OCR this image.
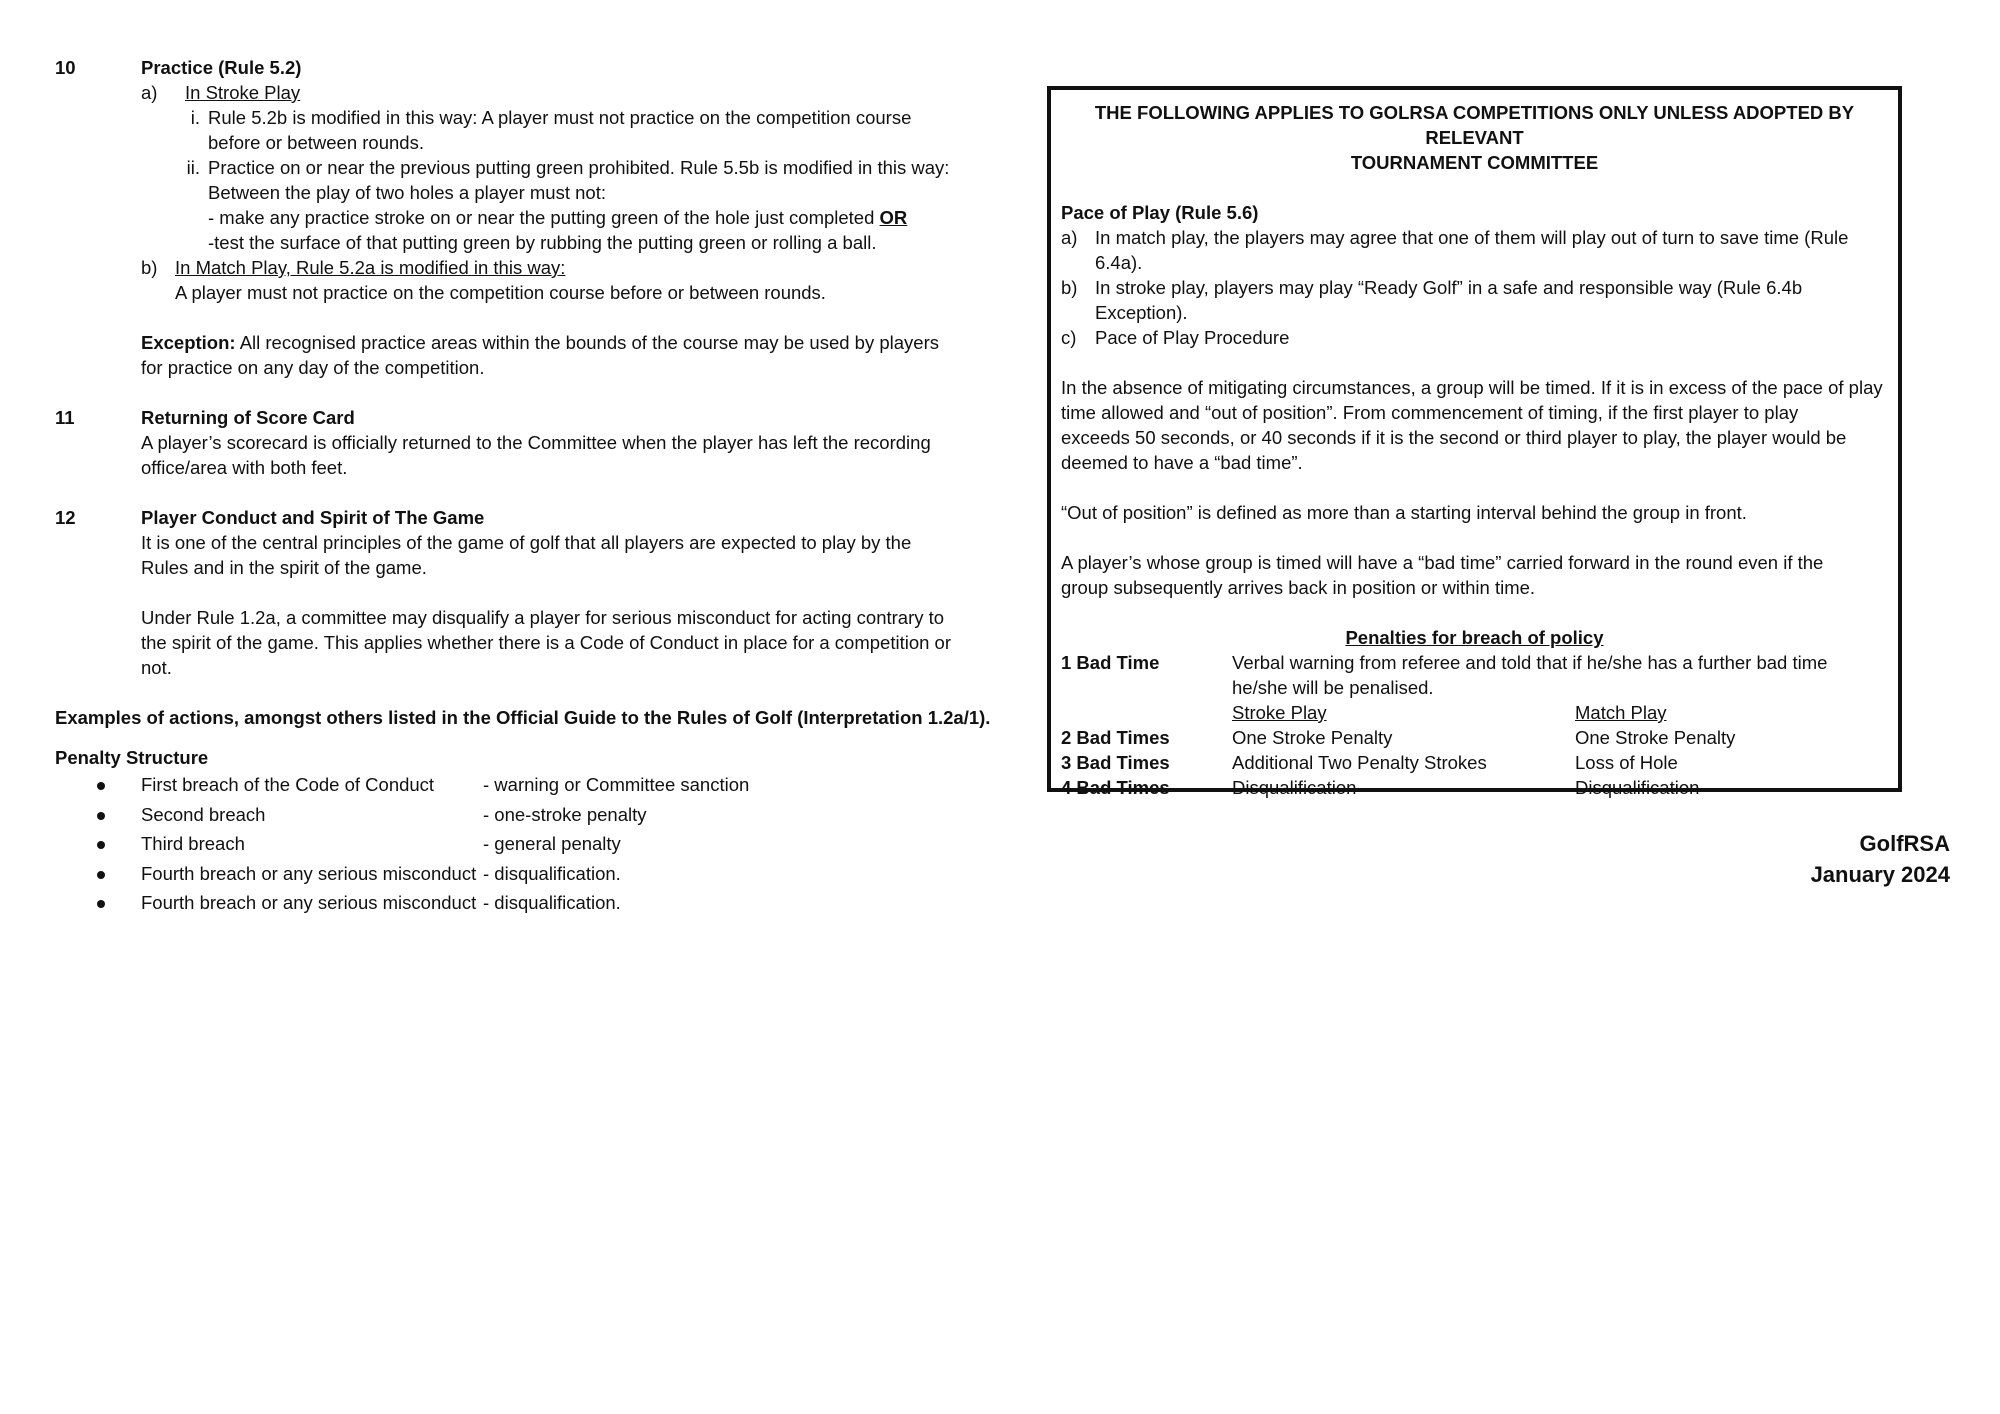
10	Practice (Rule 5.2)
a) In Stroke Play
i. Rule 5.2b is modified in this way: A player must not practice on the competition course
before or between rounds.
ii. Practice on or near the previous putting green prohibited. Rule 5.5b is modified in this way:
Between the play of two holes a player must not:
- make any practice stroke on or near the putting green of the hole just completed OR
-test the surface of that putting green by rubbing the putting green or rolling a ball.
b) In Match Play, Rule 5.2a is modified in this way:
A player must not practice on the competition course before or between rounds.
Exception: All recognised practice areas within the bounds of the course may be used by players
for practice on any day of the competition.
11	Returning of Score Card
A player’s scorecard is officially returned to the Committee when the player has left the recording
office/area with both feet.
12	Player Conduct and Spirit of The Game
It is one of the central principles of the game of golf that all players are expected to play by the
Rules and in the spirit of the game.
Under Rule 1.2a, a committee may disqualify a player for serious misconduct for acting contrary to
the spirit of the game. This applies whether there is a Code of Conduct in place for a competition or
not.
Examples of actions, amongst others listed in the Official Guide to the Rules of Golf (Interpretation 1.2a/1).
Penalty Structure
First breach of the Code of Conduct	- warning or Committee sanction
Second breach	- one-stroke penalty
Third breach	- general penalty
Fourth breach or any serious misconduct - disqualification.
Fourth breach or any serious misconduct - disqualification.
THE FOLLOWING APPLIES TO GOLRSA COMPETITIONS ONLY UNLESS ADOPTED BY RELEVANT
TOURNAMENT COMMITTEE
Pace of Play (Rule 5.6)
a) In match play, the players may agree that one of them will play out of turn to save time (Rule
6.4a).
b) In stroke play, players may play “Ready Golf” in a safe and responsible way (Rule 6.4b
Exception).
c) Pace of Play Procedure
In the absence of mitigating circumstances, a group will be timed. If it is in excess of the pace of play
time allowed and “out of position”. From commencement of timing, if the first player to play
exceeds 50 seconds, or 40 seconds if it is the second or third player to play, the player would be
deemed to have a “bad time”.
“Out of position” is defined as more than a starting interval behind the group in front.
A player’s whose group is timed will have a “bad time” carried forward in the round even if the
group subsequently arrives back in position or within time.
Penalties for breach of policy
1 Bad Time	Verbal warning from referee and told that if he/she has a further bad time
he/she will be penalised.
Stroke Play	Match Play
2 Bad Times	One Stroke Penalty	One Stroke Penalty
3 Bad Times	Additional Two Penalty Strokes	Loss of Hole
4 Bad Times	Disqualification	Disqualification
GolfRSA
January 2024
